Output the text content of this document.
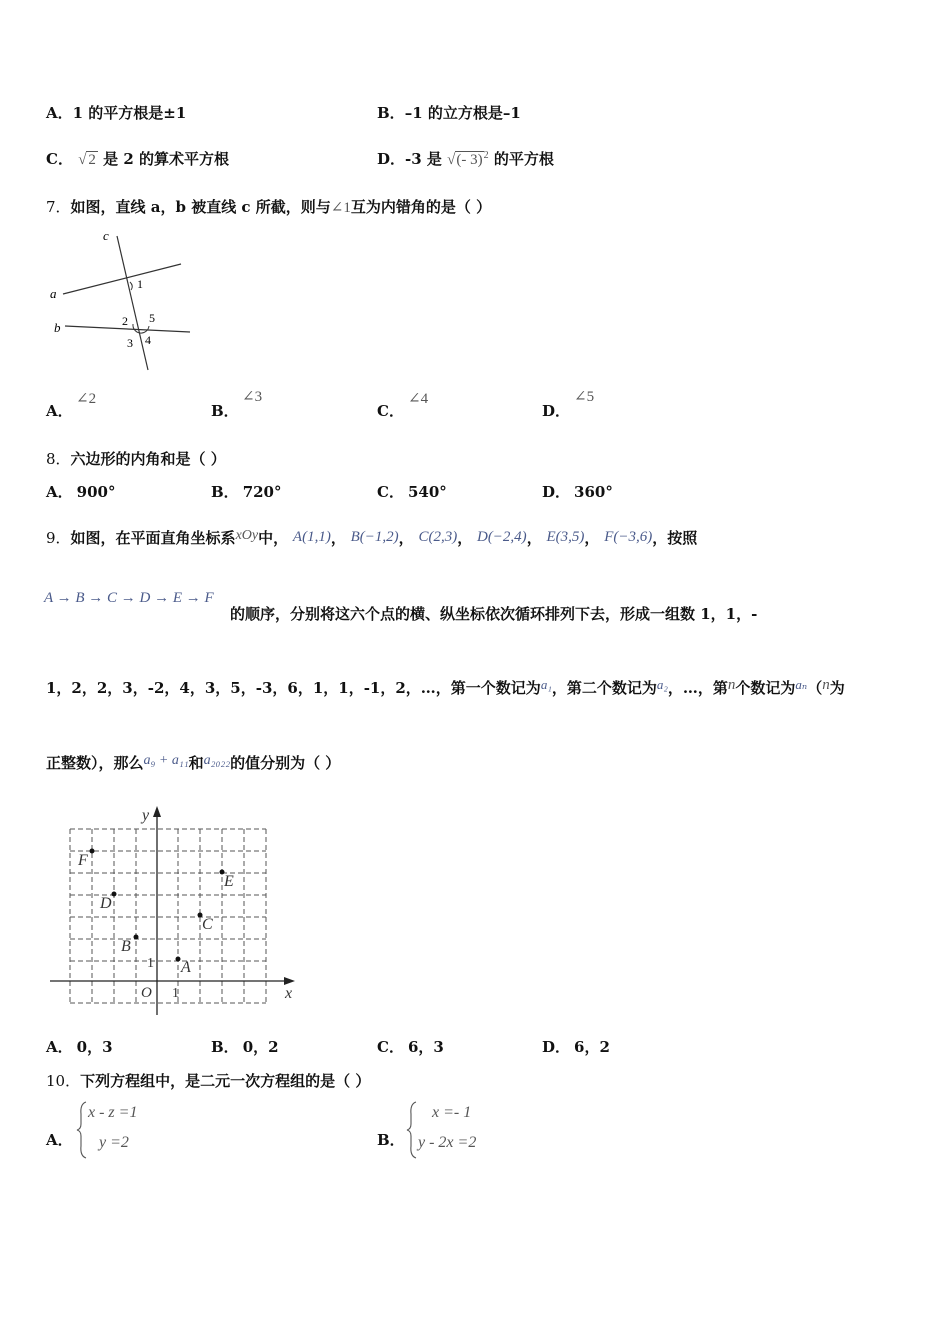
A．1 的平方根是±1	B．–1 的立方根是–1
C． √ 2 是 2 的算术平方根	D．-3 是 √(- 3)$^2$ 的平方根
7．如图，直线 a，b 被直线 c 所截，则与∠1互为内错角的是（ ）
c
a
b
1
2 5
3 4
A．
∠2
B．
∠3
C．
∠4
D．
∠5
8．六边形的内角和是（ ）
A． 900°	B． 720°	C． 540°	D． 360°
9．如图，在平面直角坐标系xOy中， A(1,1)， B(−1,2)， C(2,3)， D(−2,4)， E(3,5)， F(−3,6)，按照
A → B → C → D → E → F
的顺序，分别将这六个点的横、纵坐标依次循环排列下去，形成一组数 1，1，-
1，2，2，3，-2，4，3，5，-3，6，1，1，-1，2，…，第一个数记为a₁，第二个数记为a₂，…，第n个数记为aₙ（n为
正整数），那么a₉ + a₁₁和a₂₀₂₂的值分别为（ ）
x
y
O 1
1 A
B
C
D
E
F
A． 0，3	B． 0，2	C． 6，3	D． 6，2
10．下列方程组中，是二元一次方程组的是（ ）
A．
x - z =1
y =2	B．
x =- 1
y - 2x =2
